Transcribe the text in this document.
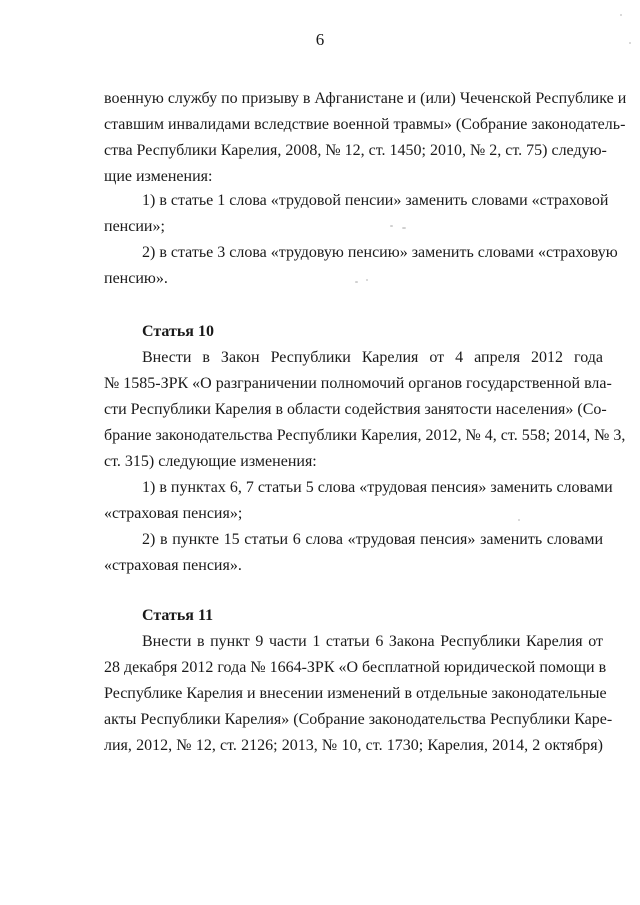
6

военную службу по призыву в Афганистане и (или) Чеченской Республике и

ставшим инвалидами вследствие военной травмы» (Собрание законодатель-

ства Республики Карелия, 2008, № 12, ст. 1450; 2010, № 2, ст. 75) следую-

щие изменения:

1) в статье 1 слова «трудовой пенсии» заменить словами «страховой

пенсии»;

2) в статье 3 слова «трудовую пенсию» заменить словами «страховую

пенсию».

Статья 10

Внести в Закон Республики Карелия от 4 апреля 2012 года

№ 1585-ЗРК «О разграничении полномочий органов государственной вла-

сти Республики Карелия в области содействия занятости населения» (Со-

брание законодательства Республики Карелия, 2012, № 4, ст. 558; 2014, № 3,

ст. 315) следующие изменения:

1) в пунктах 6, 7 статьи 5 слова «трудовая пенсия» заменить словами

«страховая пенсия»;

2) в пункте 15 статьи 6 слова «трудовая пенсия» заменить словами

«страховая пенсия».

Статья 11

Внести в пункт 9 части 1 статьи 6 Закона Республики Карелия от

28 декабря 2012 года № 1664-ЗРК «О бесплатной юридической помощи в

Республике Карелия и внесении изменений в отдельные законодательные

акты Республики Карелия» (Собрание законодательства Республики Каре-

лия, 2012, № 12, ст. 2126; 2013, № 10, ст. 1730; Карелия, 2014, 2 октября)
